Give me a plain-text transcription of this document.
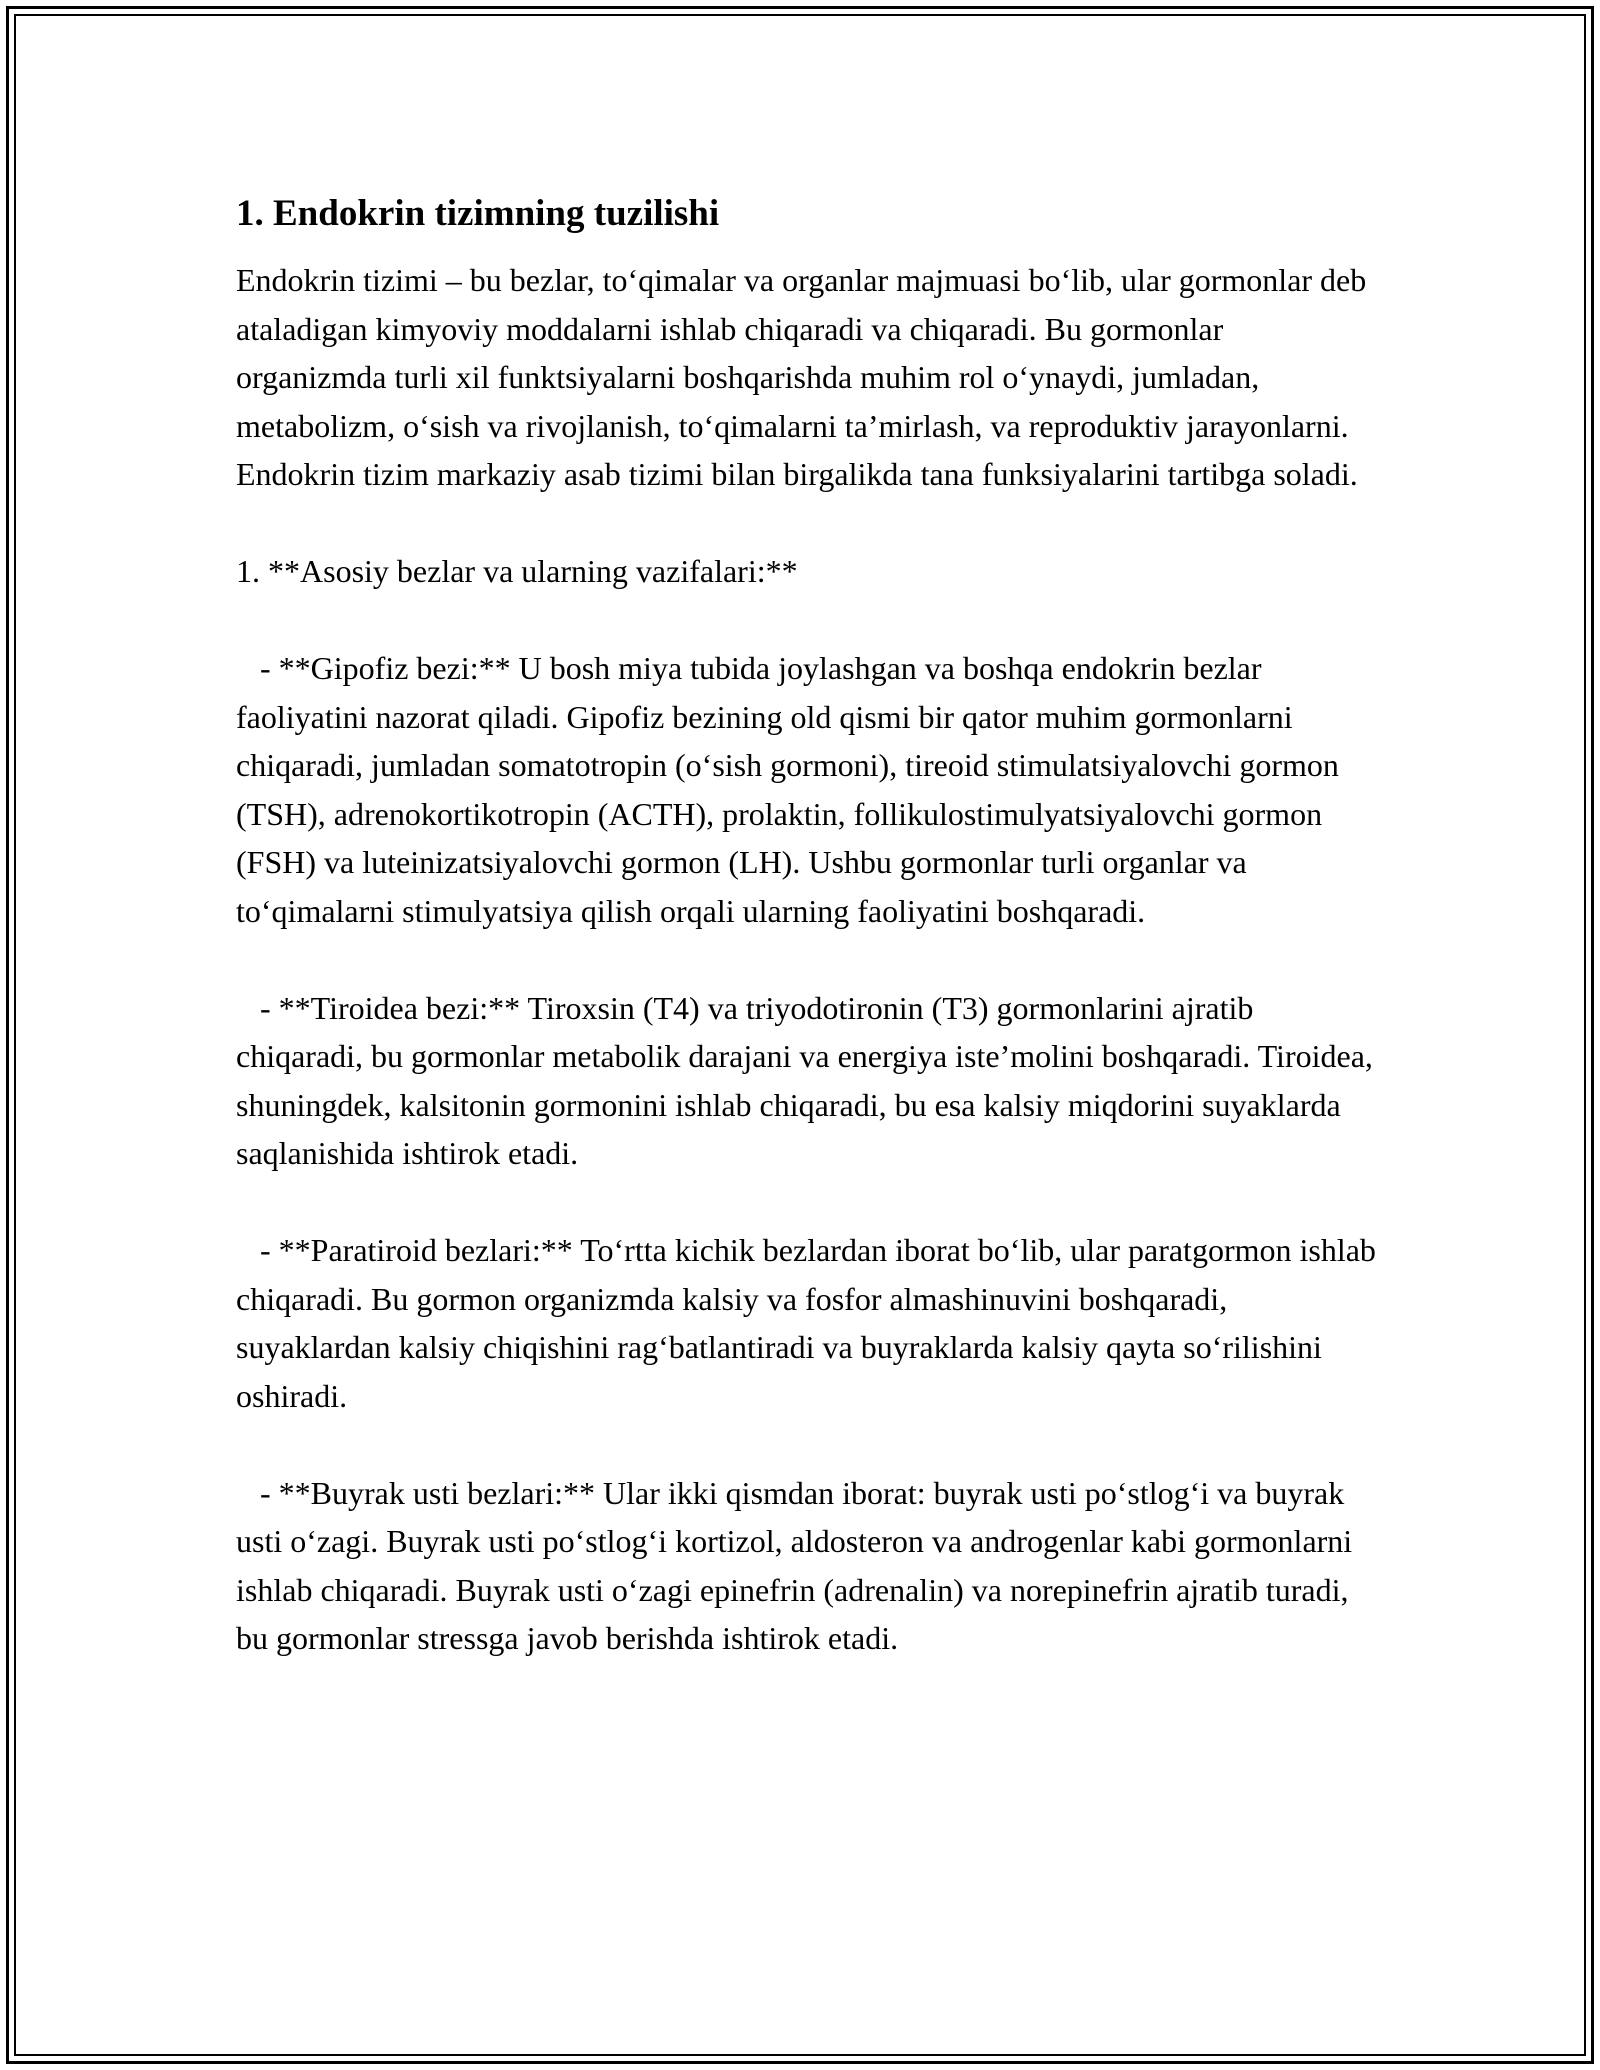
1. Endokrin tizimning tuzilishi

Endokrin tizimi – bu bezlar, to‘qimalar va organlar majmuasi bo‘lib, ular gormonlar deb ataladigan kimyoviy moddalarni ishlab chiqaradi va chiqaradi. Bu gormonlar organizmda turli xil funktsiyalarni boshqarishda muhim rol o‘ynaydi, jumladan, metabolizm, o‘sish va rivojlanish, to‘qimalarni ta’mirlash, va reproduktiv jarayonlarni. Endokrin tizim markaziy asab tizimi bilan birgalikda tana funksiyalarini tartibga soladi.

1. **Asosiy bezlar va ularning vazifalari:**

- **Gipofiz bezi:** U bosh miya tubida joylashgan va boshqa endokrin bezlar faoliyatini nazorat qiladi. Gipofiz bezining old qismi bir qator muhim gormonlarni chiqaradi, jumladan somatotropin (o‘sish gormoni), tireoid stimulatsiyalovchi gormon (TSH), adrenokortikotropin (ACTH), prolaktin, follikulostimulyatsiyalovchi gormon (FSH) va luteinizatsiyalovchi gormon (LH). Ushbu gormonlar turli organlar va to‘qimalarni stimulyatsiya qilish orqali ularning faoliyatini boshqaradi.

- **Tiroidea bezi:** Tiroxsin (T4) va triyodotironin (T3) gormonlarini ajratib chiqaradi, bu gormonlar metabolik darajani va energiya iste’molini boshqaradi. Tiroidea, shuningdek, kalsitonin gormonini ishlab chiqaradi, bu esa kalsiy miqdorini suyaklarda saqlanishida ishtirok etadi.

- **Paratiroid bezlari:** To‘rtta kichik bezlardan iborat bo‘lib, ular paratgormon ishlab chiqaradi. Bu gormon organizmda kalsiy va fosfor almashinuvini boshqaradi, suyaklardan kalsiy chiqishini rag‘batlantiradi va buyraklarda kalsiy qayta so‘rilishini oshiradi.

- **Buyrak usti bezlari:** Ular ikki qismdan iborat: buyrak usti po‘stlog‘i va buyrak usti o‘zagi. Buyrak usti po‘stlog‘i kortizol, aldosteron va androgenlar kabi gormonlarni ishlab chiqaradi. Buyrak usti o‘zagi epinefrin (adrenalin) va norepinefrin ajratib turadi, bu gormonlar stressga javob berishda ishtirok etadi.
